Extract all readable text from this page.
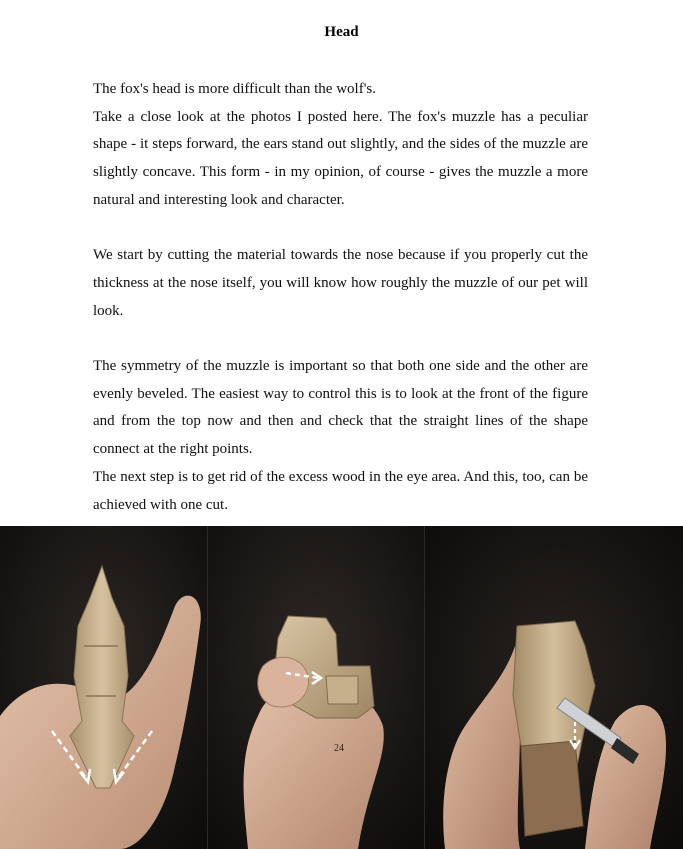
Head

The fox's head is more difficult than the wolf's.

Take a close look at the photos I posted here. The fox's muzzle has a peculiar shape - it steps forward, the ears stand out slightly, and the sides of the muzzle are slightly concave. This form - in my opinion, of course - gives the muzzle a more natural and interesting look and character.

We start by cutting the material towards the nose because if you properly cut the thickness at the nose itself, you will know how roughly the muzzle of our pet will look.

The symmetry of the muzzle is important so that both one side and the other are evenly beveled. The easiest way to control this is to look at the front of the figure and from the top now and then and check that the straight lines of the shape connect at the right points.

The next step is to get rid of the excess wood in the eye area. And this, too, can be achieved with one cut.

24
